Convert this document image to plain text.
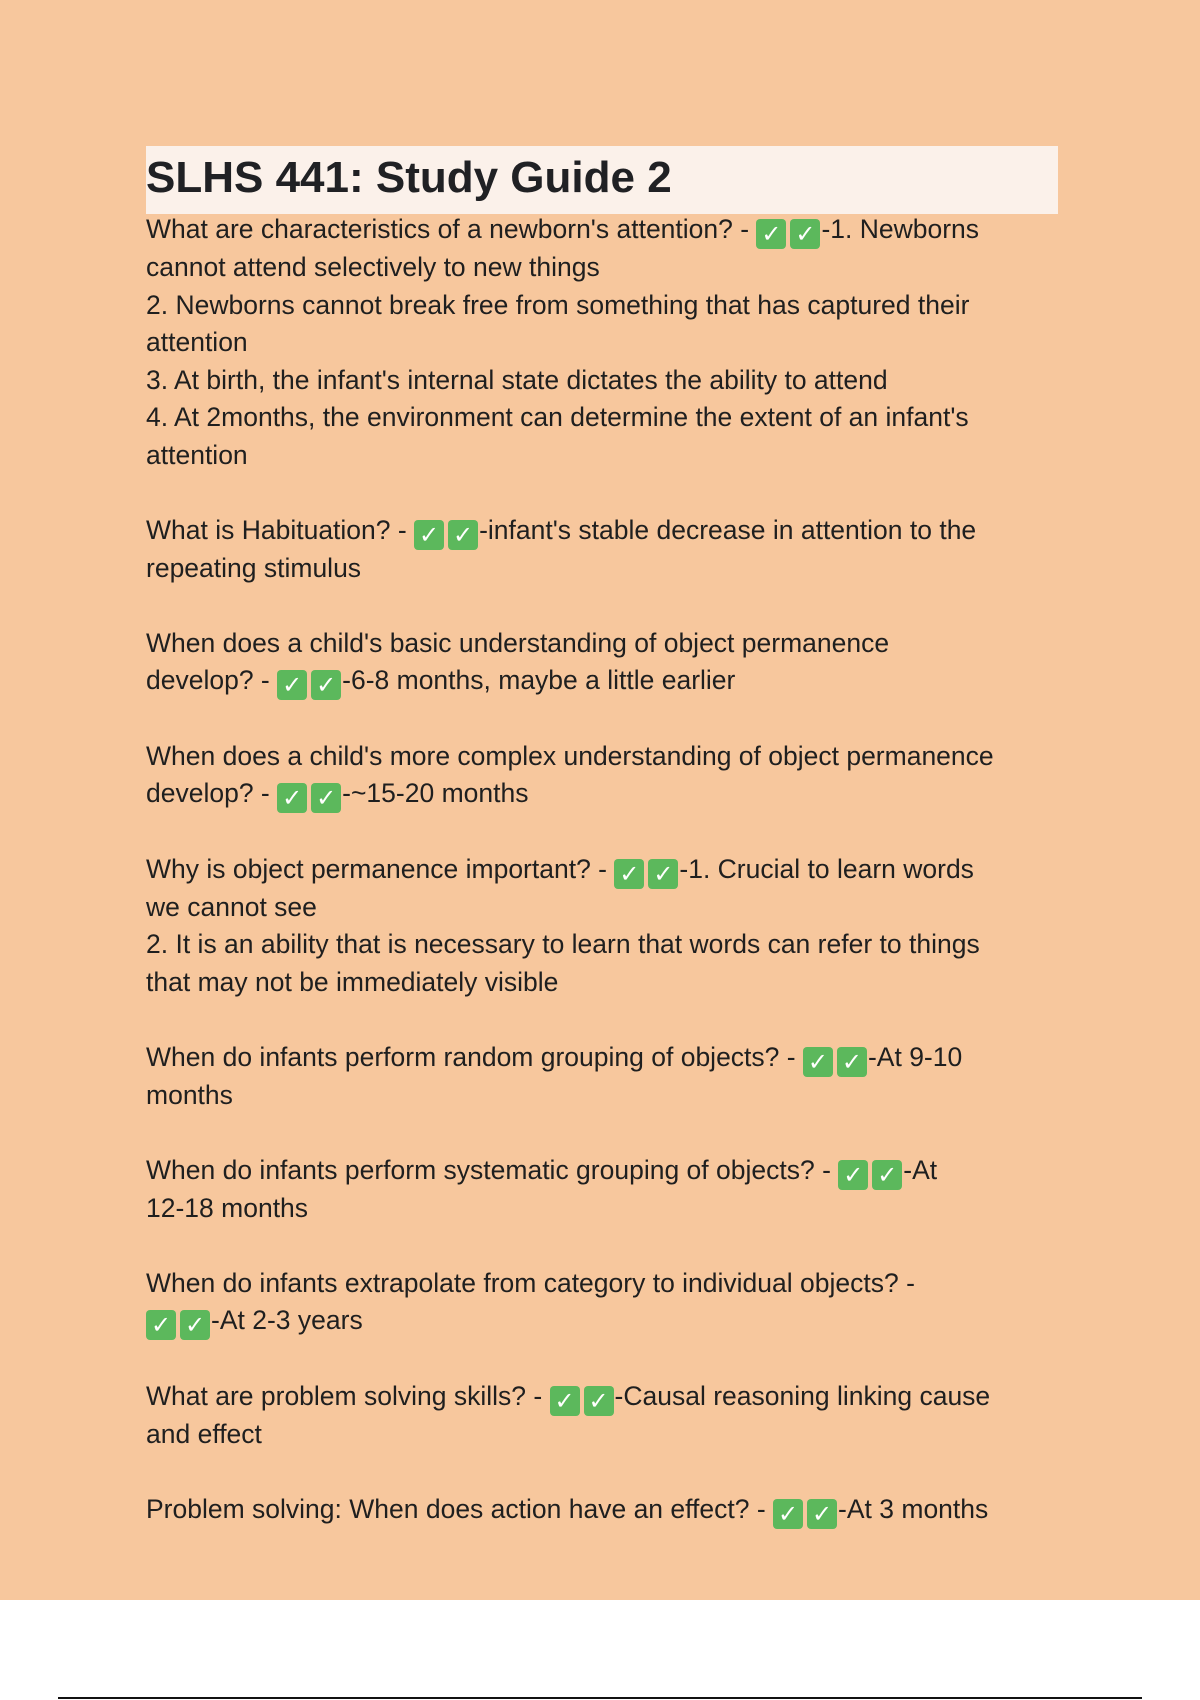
SLHS 441: Study Guide 2
What are characteristics of a newborn's attention? - ✓ ✓ -1. Newborns
cannot attend selectively to new things
2. Newborns cannot break free from something that has captured their
attention
3. At birth, the infant's internal state dictates the ability to attend
4. At 2months, the environment can determine the extent of an infant's
attention
What is Habituation? - ✓ ✓ -infant's stable decrease in attention to the
repeating stimulus
When does a child's basic understanding of object permanence
develop? - ✓ ✓ -6-8 months, maybe a little earlier
When does a child's more complex understanding of object permanence
develop? - ✓ ✓ -~15-20 months
Why is object permanence important? - ✓ ✓ -1. Crucial to learn words
we cannot see
2. It is an ability that is necessary to learn that words can refer to things
that may not be immediately visible
When do infants perform random grouping of objects? - ✓ ✓ -At 9-10
months
When do infants perform systematic grouping of objects? - ✓ ✓ -At
12-18 months
When do infants extrapolate from category to individual objects? -
✓ ✓ -At 2-3 years
What are problem solving skills? - ✓ ✓ -Causal reasoning linking cause
and effect
Problem solving: When does action have an effect? - ✓ ✓ -At 3 months
